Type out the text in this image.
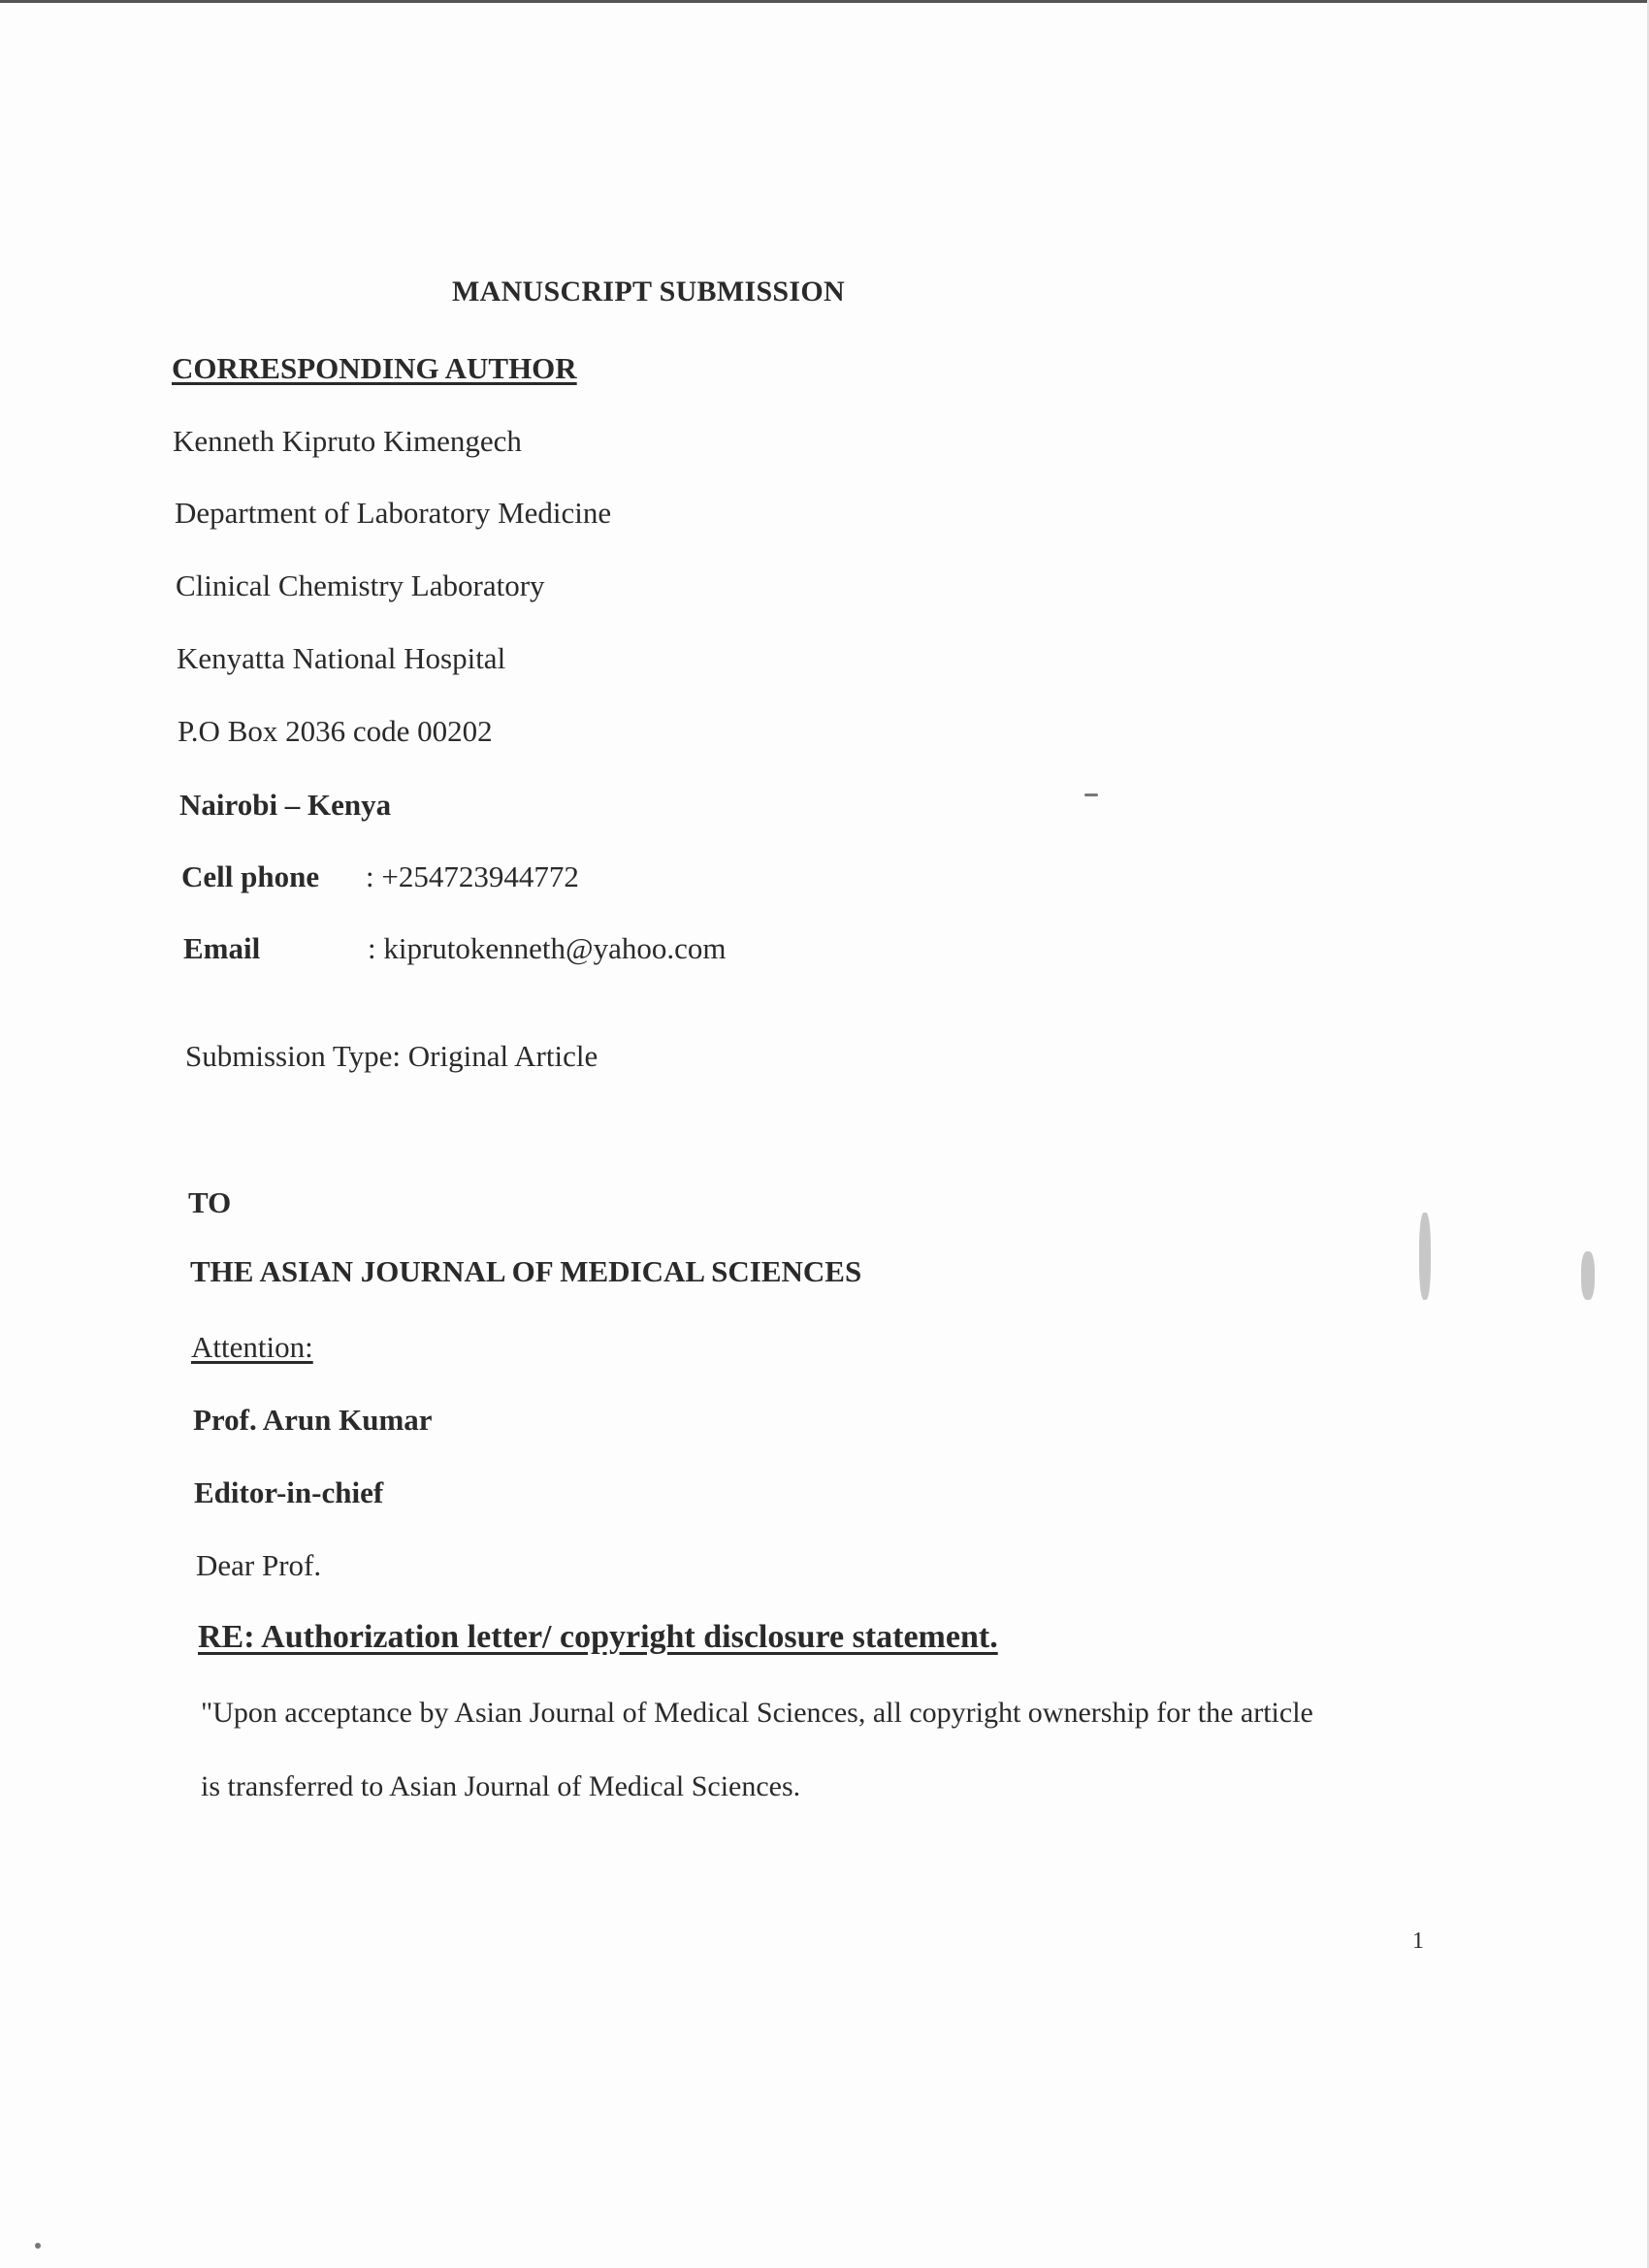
MANUSCRIPT SUBMISSION
CORRESPONDING AUTHOR
Kenneth Kipruto Kimengech
Department of Laboratory Medicine
Clinical Chemistry Laboratory
Kenyatta National Hospital
P.O Box 2036 code 00202
Nairobi – Kenya
Cell phone : +254723944772
Email	: kiprutokenneth@yahoo.com
Submission Type: Original Article
TO
THE ASIAN JOURNAL OF MEDICAL SCIENCES
Attention:
Prof. Arun Kumar
Editor-in-chief
Dear Prof.
RE: Authorization letter/ copyright disclosure statement.
"Upon acceptance by Asian Journal of Medical Sciences, all copyright ownership for the article
is transferred to Asian Journal of Medical Sciences.
1
